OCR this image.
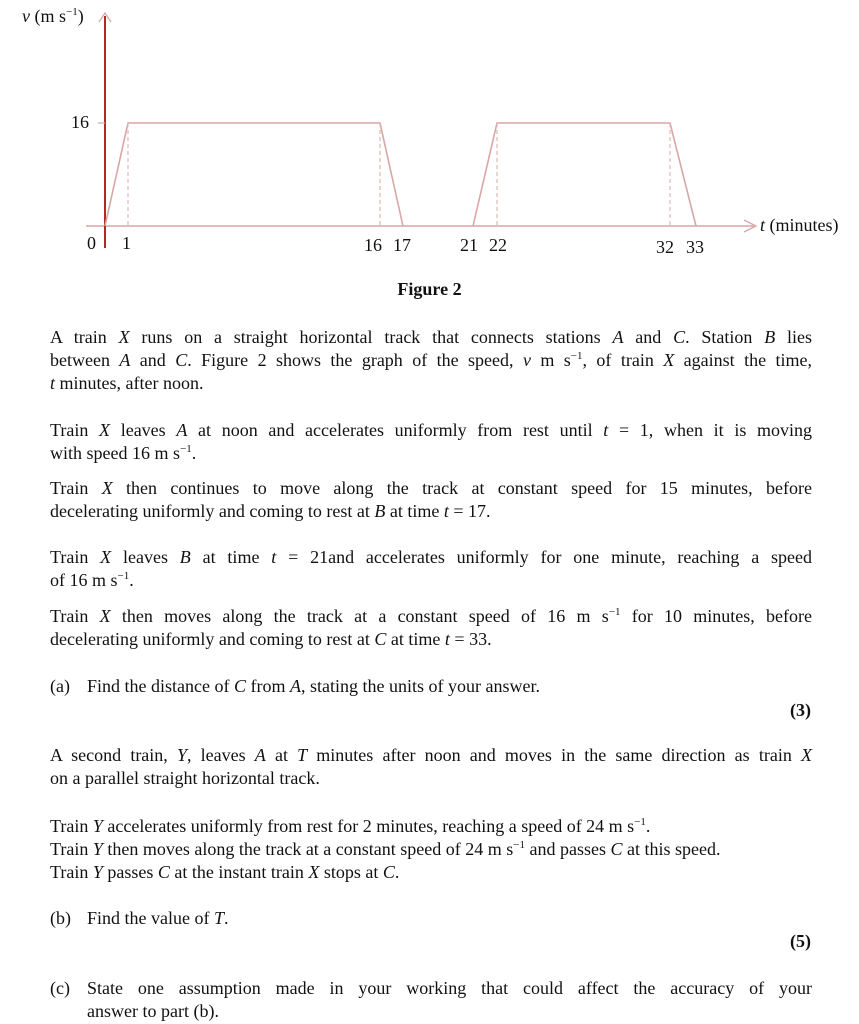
v (m $s^{-1}$)
16
t (minutes)
0 1	16 17	21 22	32 33
Figure 2
A train X runs on a straight horizontal track that connects stations A and C. Station B lies
between A and C. Figure 2 shows the graph of the speed, v m $s^{-1}$, of train X against the time,
t minutes, after noon.
Train X leaves A at noon and accelerates uniformly from rest until t = 1, when it is moving
with speed 16 m $s^{-1}$.
Train X then continues to move along the track at constant speed for 15 minutes, before
decelerating uniformly and coming to rest at B at time t = 17.
Train X leaves B at time t = 21and accelerates uniformly for one minute, reaching a speed
of 16 m $s^{-1}$.
Train X then moves along the track at a constant speed of 16 m $s^{-1}$ for 10 minutes, before
decelerating uniformly and coming to rest at C at time t = 33.
(a) Find the distance of C from A, stating the units of your answer.
(3)
A second train, Y, leaves A at T minutes after noon and moves in the same direction as train X
on a parallel straight horizontal track.
Train Y accelerates uniformly from rest for 2 minutes, reaching a speed of 24 m $s^{-1}$.
Train Y then moves along the track at a constant speed of 24 m $s^{-1}$ and passes C at this speed.
Train Y passes C at the instant train X stops at C.
(b) Find the value of T.
(5)
(c) State one assumption made in your working that could affect the accuracy of your
answer to part (b).
